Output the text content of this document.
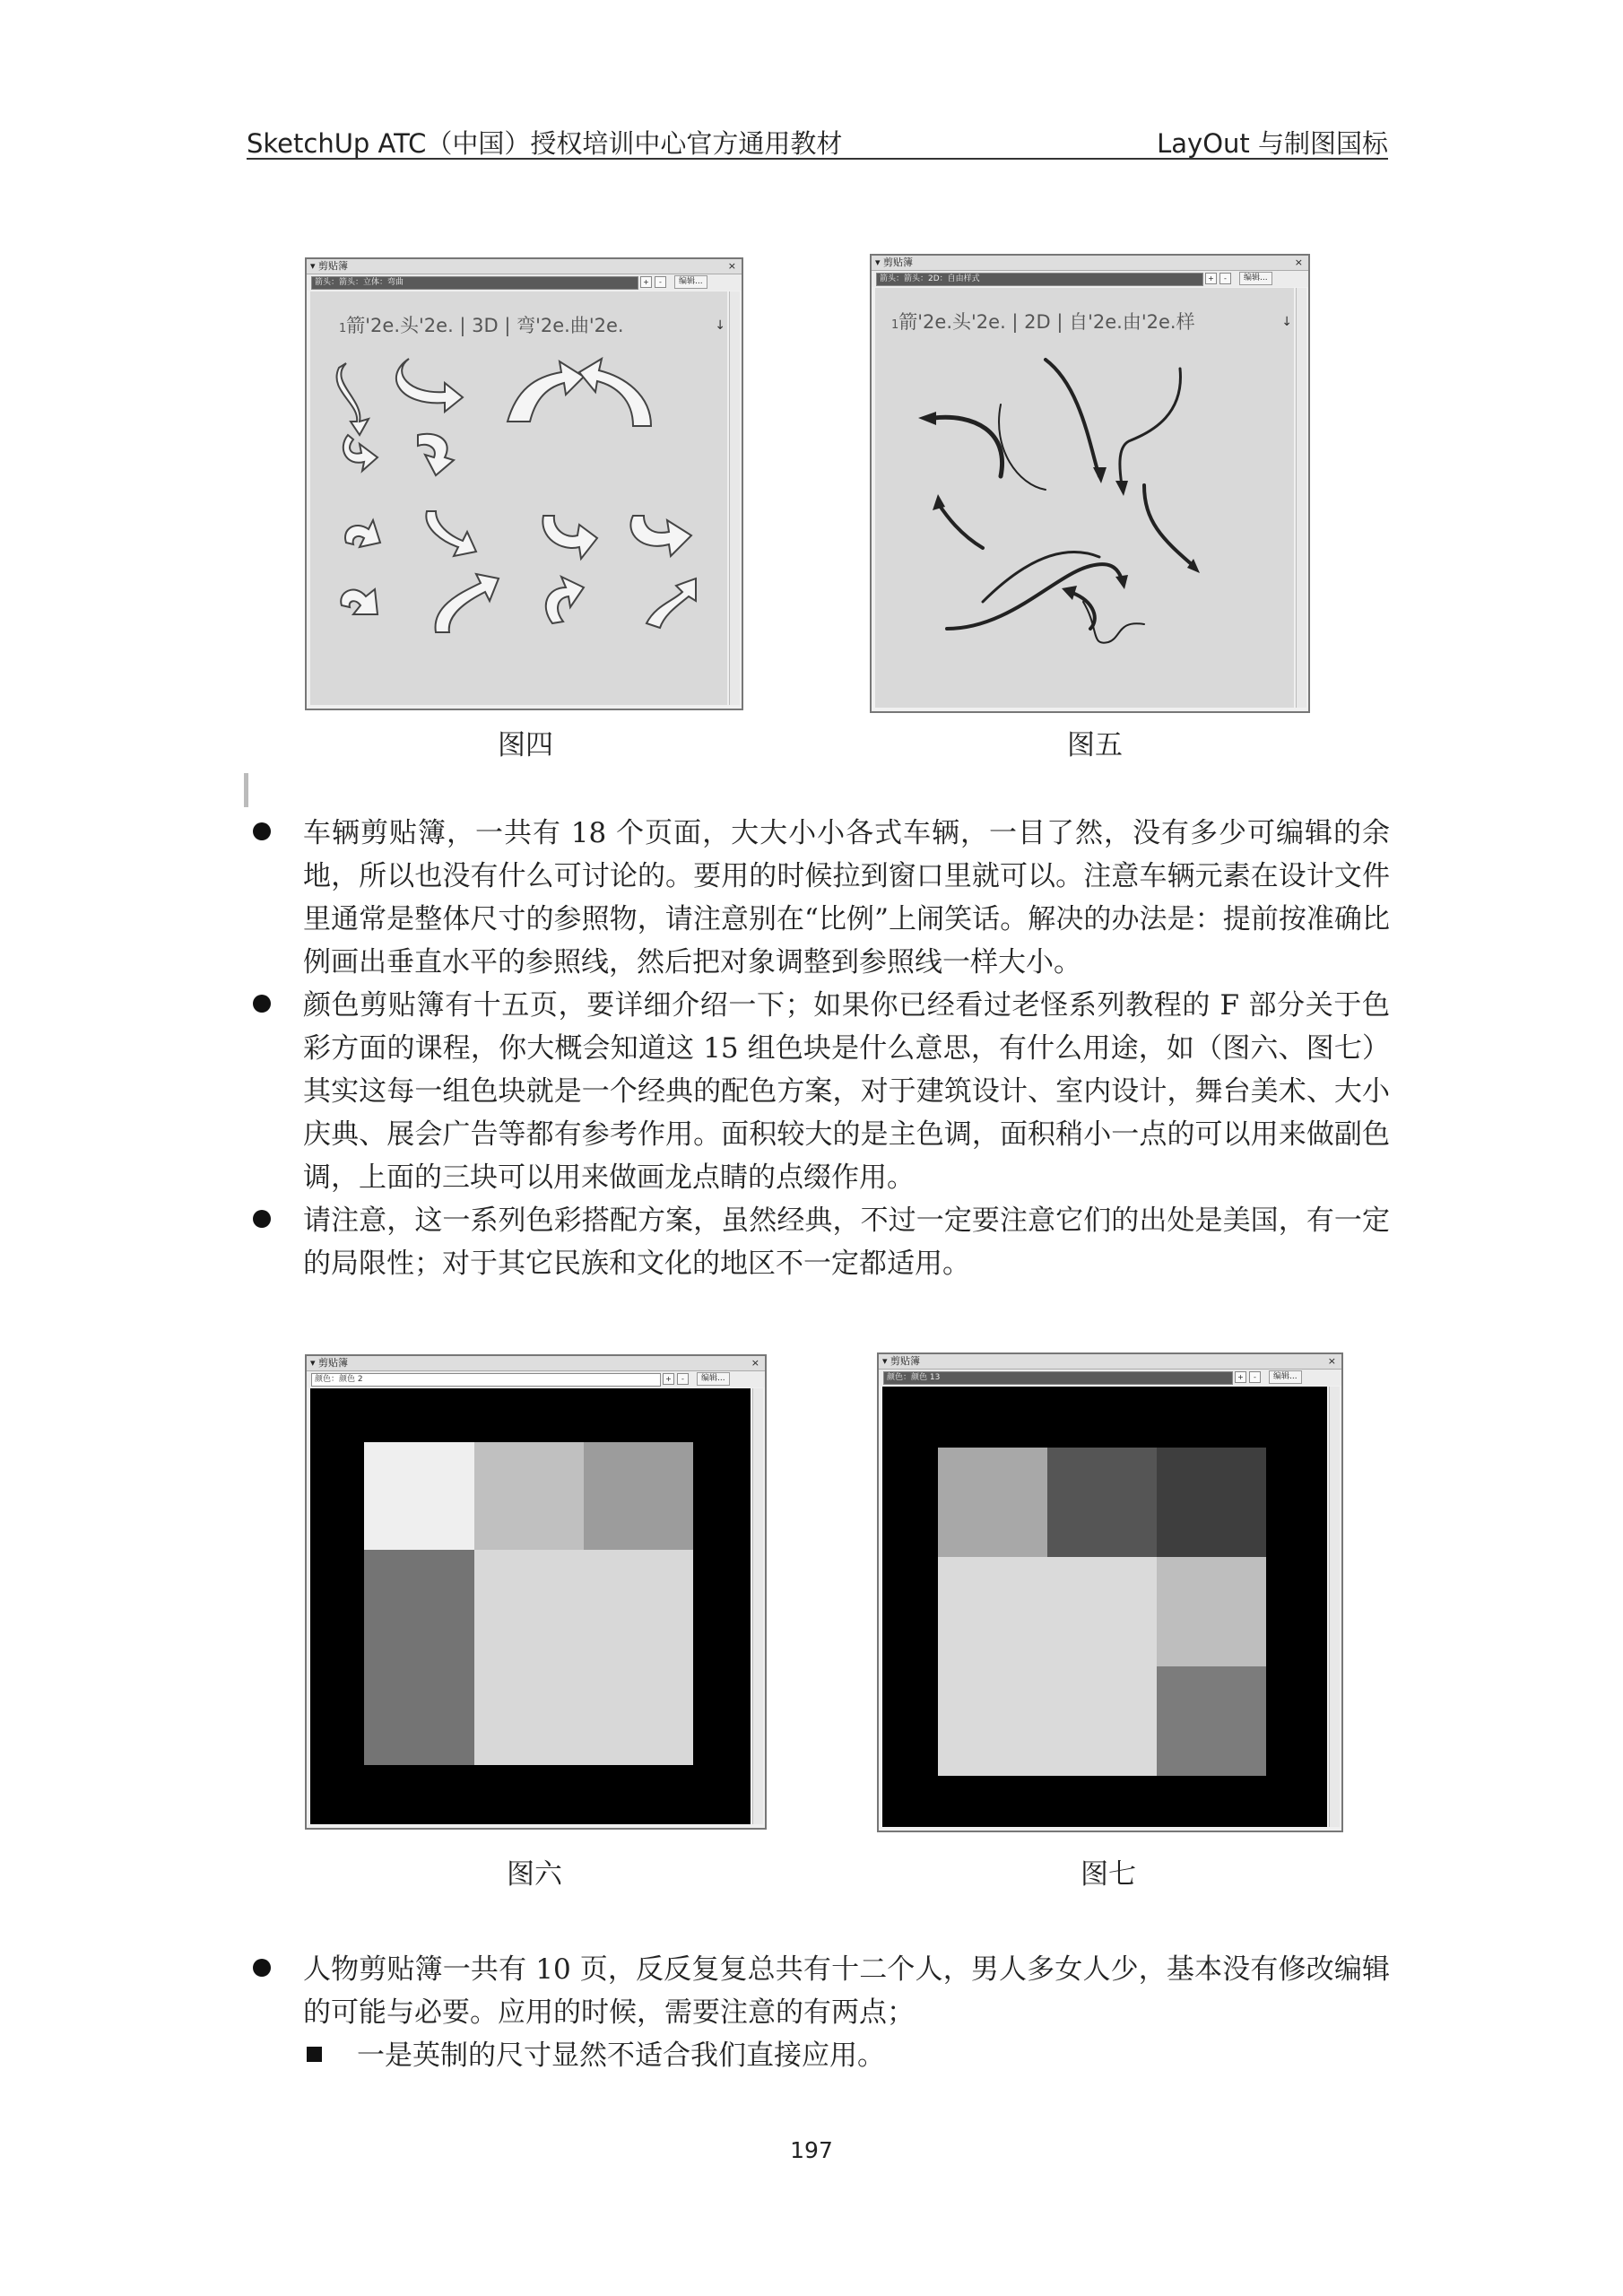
SketchUp ATC（中国）授权培训中心官方通用教材	LayOut 与制图国标
▾ 剪贴簿	×
箭头：箭头：立体：弯曲	+	-	编辑...
1箭'2e.头'2e. | 3D | 弯'2e.曲'2e.	↓
图四
▾ 剪贴簿	×
箭头：箭头：2D：自由样式	+	-	编辑...
1箭'2e.头'2e. | 2D | 自'2e.由'2e.样	↓
图五
车辆剪贴簿，一共有 18 个页面，大大小小各式车辆，一目了然，没有多少可编辑的余地，所以也没有什么可讨论的。要用的时候拉到窗口里就可以。注意车辆元素在设计文件里通常是整体尺寸的参照物，请注意别在“比例”上闹笑话。解决的办法是：提前按准确比例画出垂直水平的参照线，然后把对象调整到参照线一样大小。
颜色剪贴簿有十五页，要详细介绍一下；如果你已经看过老怪系列教程的 F 部分关于色彩方面的课程，你大概会知道这 15 组色块是什么意思，有什么用途，如（图六、图七）其实这每一组色块就是一个经典的配色方案，对于建筑设计、室内设计，舞台美术、大小庆典、展会广告等都有参考作用。面积较大的是主色调，面积稍小一点的可以用来做副色调，上面的三块可以用来做画龙点睛的点缀作用。
请注意，这一系列色彩搭配方案，虽然经典，不过一定要注意它们的出处是美国，有一定的局限性；对于其它民族和文化的地区不一定都适用。
▾ 剪贴簿	×
颜色：颜色 2	+	-	编辑...
图六
▾ 剪贴簿	×
颜色：颜色 13	+	-	编辑...
图七
人物剪贴簿一共有 10 页，反反复复总共有十二个人，男人多女人少，基本没有修改编辑的可能与必要。应用的时候，需要注意的有两点；
一是英制的尺寸显然不适合我们直接应用。
197
